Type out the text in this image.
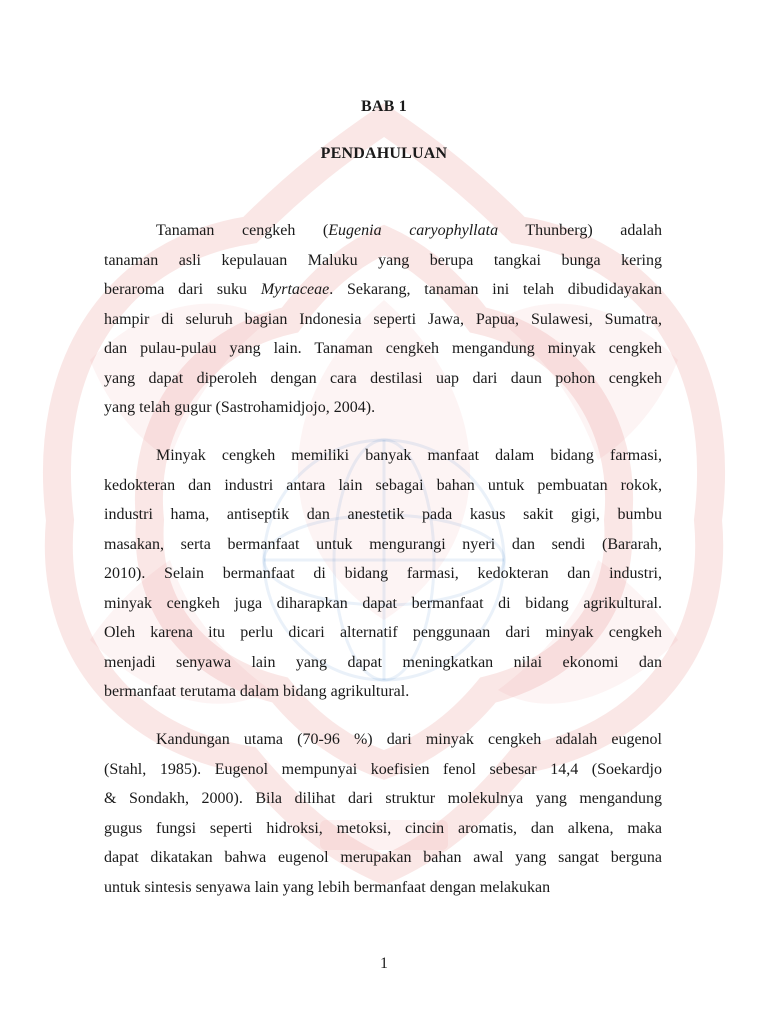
BAB 1
PENDAHULUAN
Tanaman cengkeh (Eugenia caryophyllata Thunberg) adalah
tanaman asli kepulauan Maluku yang berupa tangkai bunga kering
beraroma dari suku Myrtaceae. Sekarang, tanaman ini telah dibudidayakan
hampir di seluruh bagian Indonesia seperti Jawa, Papua, Sulawesi, Sumatra,
dan pulau-pulau yang lain. Tanaman cengkeh mengandung minyak cengkeh
yang dapat diperoleh dengan cara destilasi uap dari daun pohon cengkeh
yang telah gugur (Sastrohamidjojo, 2004).
Minyak cengkeh memiliki banyak manfaat dalam bidang farmasi,
kedokteran dan industri antara lain sebagai bahan untuk pembuatan rokok,
industri hama, antiseptik dan anestetik pada kasus sakit gigi, bumbu
masakan, serta bermanfaat untuk mengurangi nyeri dan sendi (Bararah,
2010). Selain bermanfaat di bidang farmasi, kedokteran dan industri,
minyak cengkeh juga diharapkan dapat bermanfaat di bidang agrikultural.
Oleh karena itu perlu dicari alternatif penggunaan dari minyak cengkeh
menjadi senyawa lain yang dapat meningkatkan nilai ekonomi dan
bermanfaat terutama dalam bidang agrikultural.
Kandungan utama (70-96 %) dari minyak cengkeh adalah eugenol
(Stahl, 1985). Eugenol mempunyai koefisien fenol sebesar 14,4 (Soekardjo
& Sondakh, 2000). Bila dilihat dari struktur molekulnya yang mengandung
gugus fungsi seperti hidroksi, metoksi, cincin aromatis, dan alkena, maka
dapat dikatakan bahwa eugenol merupakan bahan awal yang sangat berguna
untuk sintesis senyawa lain yang lebih bermanfaat dengan melakukan
1
